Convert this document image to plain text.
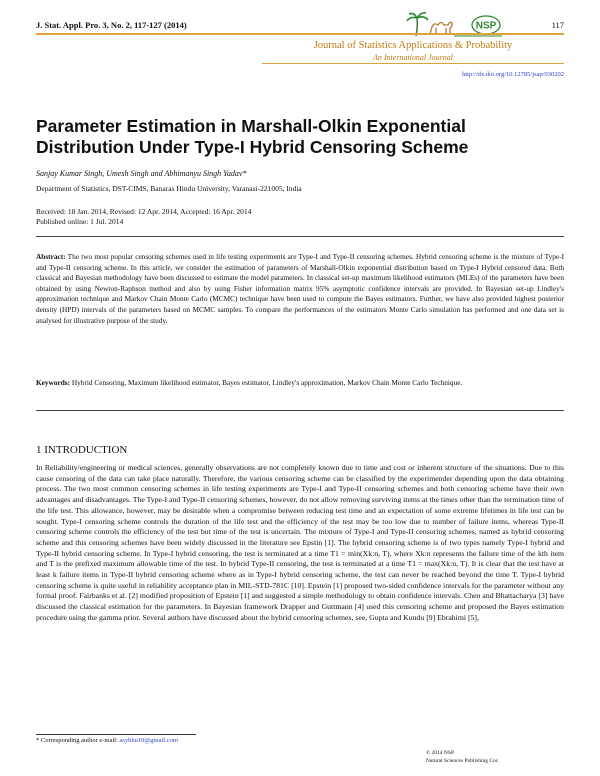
J. Stat. Appl. Pro. 3, No. 2, 117-127 (2014)	NSP	117
Journal of Statistics Applications & Probability
An International Journal
http://dx.doi.org/10.12785/jsap/030202
Parameter Estimation in Marshall-Olkin Exponential Distribution Under Type-I Hybrid Censoring Scheme
Sanjay Kumar Singh, Umesh Singh and Abhimanyu Singh Yadav*
Department of Statistics, DST-CIMS, Banaras Hindu University, Varanasi-221005, India
Received: 18 Jan. 2014, Revised: 12 Apr. 2014, Accepted: 16 Apr. 2014
Published online: 1 Jul. 2014
Abstract: The two most popular censoring schemes used in life testing experiments are Type-I and Type-II censoring schemes. Hybrid censoring scheme is the mixture of Type-I and Type-II censoring scheme. In this article, we consider the estimation of parameters of Marshall-Olkin exponential distribution based on Type-I Hybrid censored data. Both classical and Bayesian methodology have been discussed to estimate the model parameters. In classical set-up maximum likelihood estimators (MLEs) of the parameters have been obtained by using Newton-Raphson method and also by using Fisher information matrix 95% asymptotic confidence intervals are provided. In Bayesian set-up Lindley's approximation technique and Markov Chain Monte Carlo (MCMC) technique have been used to compute the Bayes estimators. Further, we have also provided highest posterior density (HPD) intervals of the parameters based on MCMC samples. To compare the performances of the estimators Monte Carlo simulation has performed and one data set is analysed for illustrative purpose of the study.
Keywords: Hybrid Censoring, Maximum likelihood estimator, Bayes estimator, Lindley's approximation, Markov Chain Monte Carlo Technique.
1 INTRODUCTION
In Reliability/engineering or medical sciences, generally observations are not completely known due to time and cost or inherent structure of the situations. Due to this cause censoring of the data can take place naturally. Therefore, the various censoring scheme can be classified by the experimender depending upon the data obtaining process. The two most common censoring schemes in life testing experiments are Type-I and Type-II censoring schemes and both censoring scheme have their own advantages and disadvantages. The Type-I and Type-II censoring schemes, however, do not allow removing surviving items at the times other than the termination time of the life test. This allowance, however, may be desirable when a compromise between reducing test time and an expectation of some extreme lifetimes in life test can be sought. Type-I censoring scheme controls the duration of the life test and the efficiency of the test may be too low due to number of failure items, whereas Type-II censoring scheme controls the efficiency of the test but time of the test is uncertain. The mixture of Type-I and Type-II censoring schemes, named as hybrid censoring scheme and this censoring schemes have been widely discussed in the literature see Epstin [1]. The hybrid censoring scheme is of two types namely Type-I hybrid and Type-II hybrid censoring scheme. In Type-I hybrid censoring, the test is terminated at a time T1 = min(Xk:n, T), where Xk:n represents the failure time of the kth item and T is the prefixed maximum allowable time of the test. In hybrid Type-II censoring, the test is terminated at a time T1 = max(Xk:n, T). It is clear that the test have at least k failure items in Type-II hybrid censoring scheme where as in Type-I hybrid censoring scheme, the test can never be reached beyond the time T. Type-I hybrid censoring scheme is quite useful in reliability acceptance plan in MIL-STD-781C [10]. Epstein [1] proposed two-sided confidence intervals for the parameter without any formal proof. Fairbanks et al. [2] modified proposition of Epstein [1] and suggested a simple methodology to obtain confidence intervals. Chen and Bhattacharya [3] have discussed the classical estimation for the parameters. In Bayesian framework Drapper and Guttmann [4] used this censoring scheme and proposed the Bayes estimation procedure using the gamma prior. Several authors have discussed about the hybrid censoring schemes, see, Gupta and Kundu [9] Ebrahimi [5],
* Corresponding author e-mail: asybhu10@gmail.com
© 2014 NSP
Natural Sciences Publishing Cor.
